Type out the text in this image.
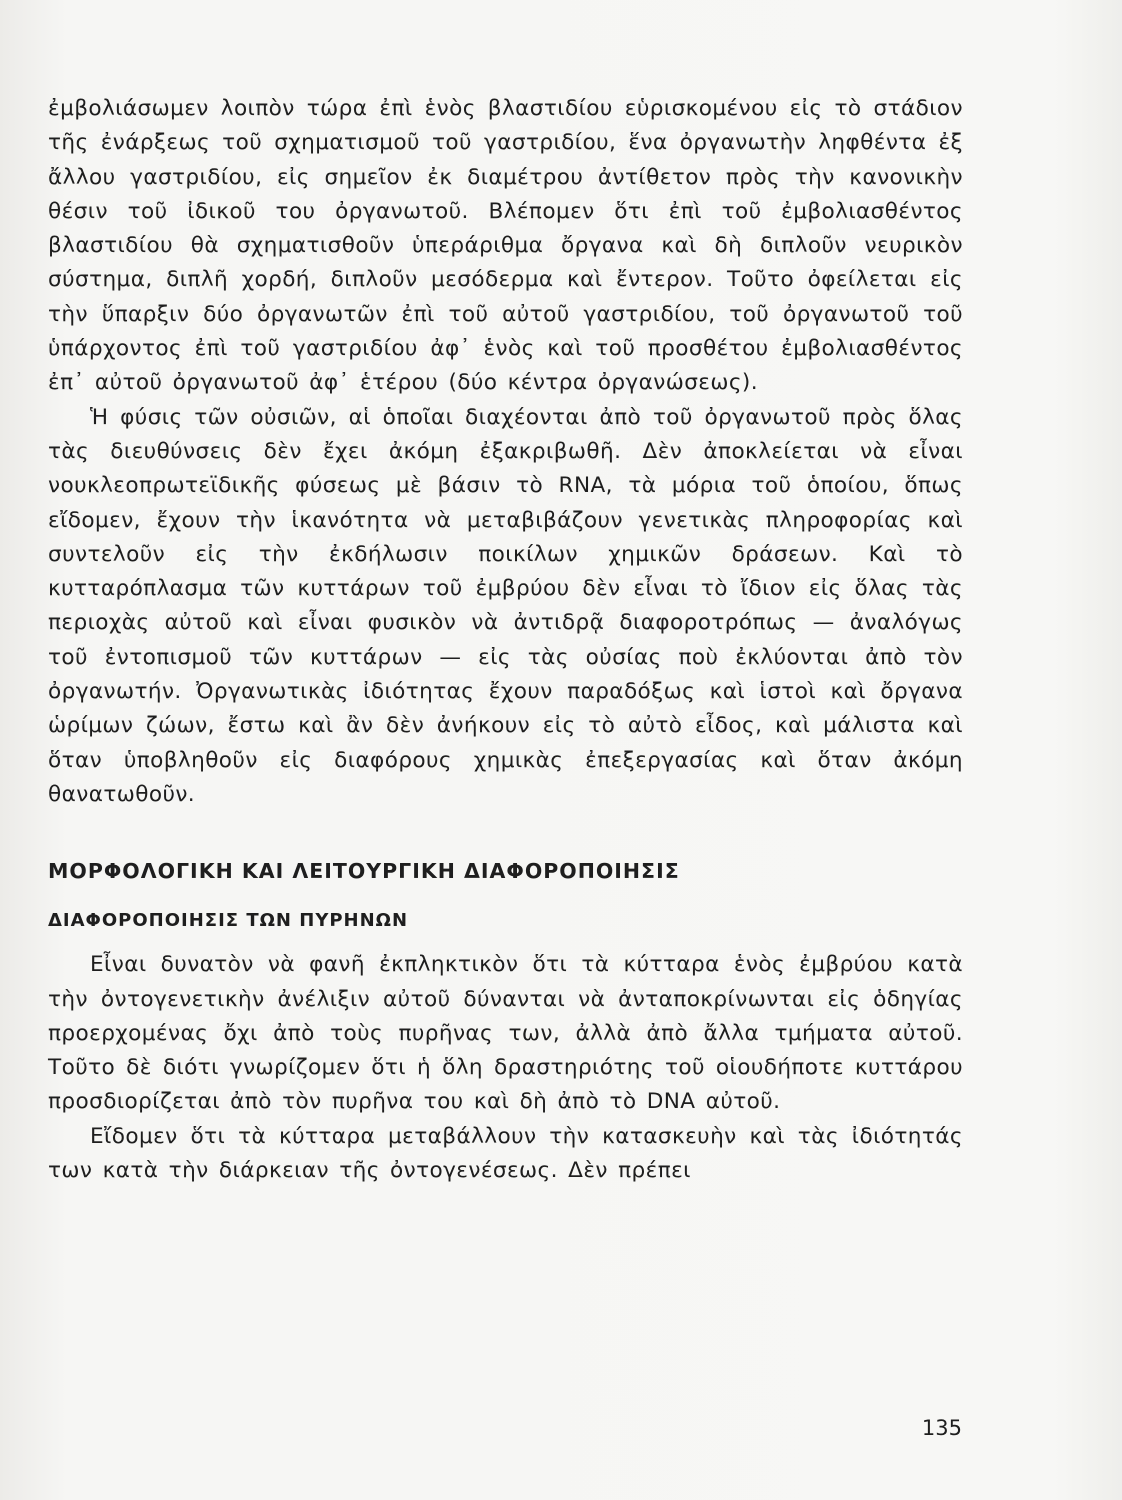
ἐμβολιάσωμεν λοιπὸν τώρα ἐπὶ ἑνὸς βλαστιδίου εὑρισκομένου εἰς τὸ στάδιον τῆς ἐνάρξεως τοῦ σχηματισμοῦ τοῦ γαστριδίου, ἕνα ὀργανωτὴν ληφθέντα ἐξ ἄλλου γαστριδίου, εἰς σημεῖον ἐκ διαμέτρου ἀντίθετον πρὸς τὴν κανονικὴν θέσιν τοῦ ἰδικοῦ του ὀργανωτοῦ. Βλέπομεν ὅτι ἐπὶ τοῦ ἐμβολιασθέντος βλαστιδίου θὰ σχηματισθοῦν ὑπεράριθμα ὄργανα καὶ δὴ διπλοῦν νευρικὸν σύστημα, διπλῆ χορδή, διπλοῦν μεσόδερμα καὶ ἔντερον. Τοῦτο ὀφείλεται εἰς τὴν ὕπαρξιν δύο ὀργανωτῶν ἐπὶ τοῦ αὐτοῦ γαστριδίου, τοῦ ὀργανωτοῦ τοῦ ὑπάρχοντος ἐπὶ τοῦ γαστριδίου ἀφ᾽ ἑνὸς καὶ τοῦ προσθέτου ἐμβολιασθέντος ἐπ᾽ αὐτοῦ ὀργανωτοῦ ἀφ᾽ ἑτέρου (δύο κέντρα ὀργανώσεως).

Ἡ φύσις τῶν οὐσιῶν, αἱ ὁποῖαι διαχέονται ἀπὸ τοῦ ὀργανωτοῦ πρὸς ὅλας τὰς διευθύνσεις δὲν ἔχει ἀκόμη ἐξακριβωθῆ. Δὲν ἀποκλείεται νὰ εἶναι νουκλεοπρωτεϊδικῆς φύσεως μὲ βάσιν τὸ RNA, τὰ μόρια τοῦ ὁποίου, ὅπως εἴδομεν, ἔχουν τὴν ἱκανότητα νὰ μεταβιβάζουν γενετικὰς πληροφορίας καὶ συντελοῦν εἰς τὴν ἐκδήλωσιν ποικίλων χημικῶν δράσεων. Καὶ τὸ κυτταρόπλασμα τῶν κυττάρων τοῦ ἐμβρύου δὲν εἶναι τὸ ἴδιον εἰς ὅλας τὰς περιοχὰς αὐτοῦ καὶ εἶναι φυσικὸν νὰ ἀντιδρᾷ διαφοροτρόπως — ἀναλόγως τοῦ ἐντοπισμοῦ τῶν κυττάρων — εἰς τὰς οὐσίας ποὺ ἐκλύονται ἀπὸ τὸν ὀργανωτήν. Ὀργανωτικὰς ἰδιότητας ἔχουν παραδόξως καὶ ἱστοὶ καὶ ὄργανα ὡρίμων ζώων, ἔστω καὶ ἂν δὲν ἀνήκουν εἰς τὸ αὐτὸ εἶδος, καὶ μάλιστα καὶ ὅταν ὑποβληθοῦν εἰς διαφόρους χημικὰς ἐπεξεργασίας καὶ ὅταν ἀκόμη θανατωθοῦν.

ΜΟΡΦΟΛΟΓΙΚΗ ΚΑΙ ΛΕΙΤΟΥΡΓΙΚΗ ΔΙΑΦΟΡΟΠΟΙΗΣΙΣ
ΔΙΑΦΟΡΟΠΟΙΗΣΙΣ ΤΩΝ ΠΥΡΗΝΩΝ

Εἶναι δυνατὸν νὰ φανῆ ἐκπληκτικὸν ὅτι τὰ κύτταρα ἑνὸς ἐμβρύου κατὰ τὴν ὀντογενετικὴν ἀνέλιξιν αὐτοῦ δύνανται νὰ ἀνταποκρίνωνται εἰς ὁδηγίας προερχομένας ὄχι ἀπὸ τοὺς πυρῆνας των, ἀλλὰ ἀπὸ ἄλλα τμήματα αὐτοῦ. Τοῦτο δὲ διότι γνωρίζομεν ὅτι ἡ ὅλη δραστηριότης τοῦ οἱουδήποτε κυττάρου προσδιορίζεται ἀπὸ τὸν πυρῆνα του καὶ δὴ ἀπὸ τὸ DNA αὐτοῦ.

Εἴδομεν ὅτι τὰ κύτταρα μεταβάλλουν τὴν κατασκευὴν καὶ τὰς ἰδιότητάς των κατὰ τὴν διάρκειαν τῆς ὀντογενέσεως. Δὲν πρέπει

135
